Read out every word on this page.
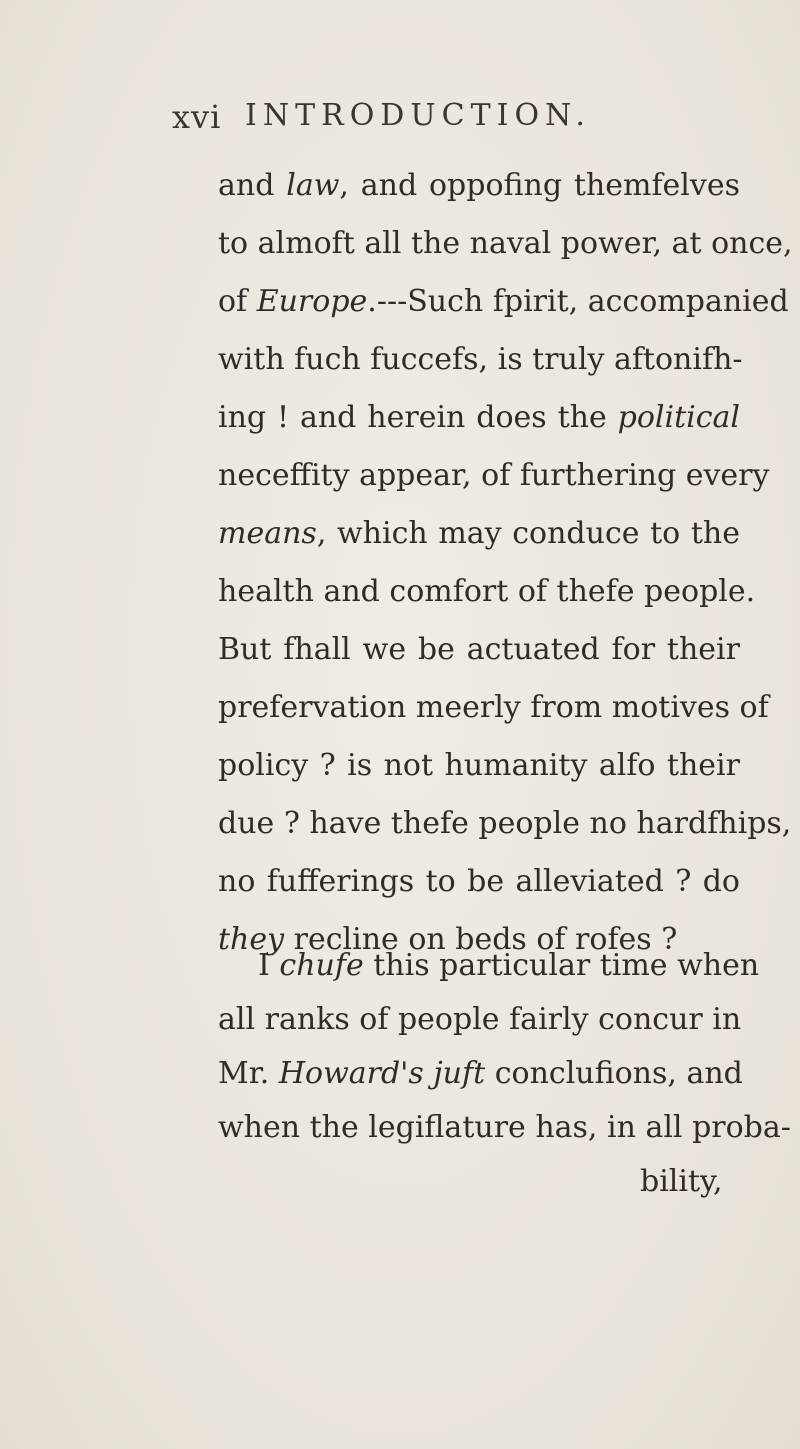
xvi INTRODUCTION.
and law, and oppofing themfelves
to almoft all the naval power, at once,
of Europe.---Such fpirit, accompanied
with fuch fuccefs, is truly aftonifh-
ing ! and herein does the political
neceffity appear, of furthering every
means, which may conduce to the
health and comfort of thefe people.
But fhall we be actuated for their
prefervation meerly from motives of
policy ? is not humanity alfo their
due ? have thefe people no hardfhips,
no fufferings to be alleviated ? do
they recline on beds of rofes ?
I chufe this particular time when
all ranks of people fairly concur in
Mr. Howard's juft conclufions, and
when the legiflature has, in all proba-
bility,
